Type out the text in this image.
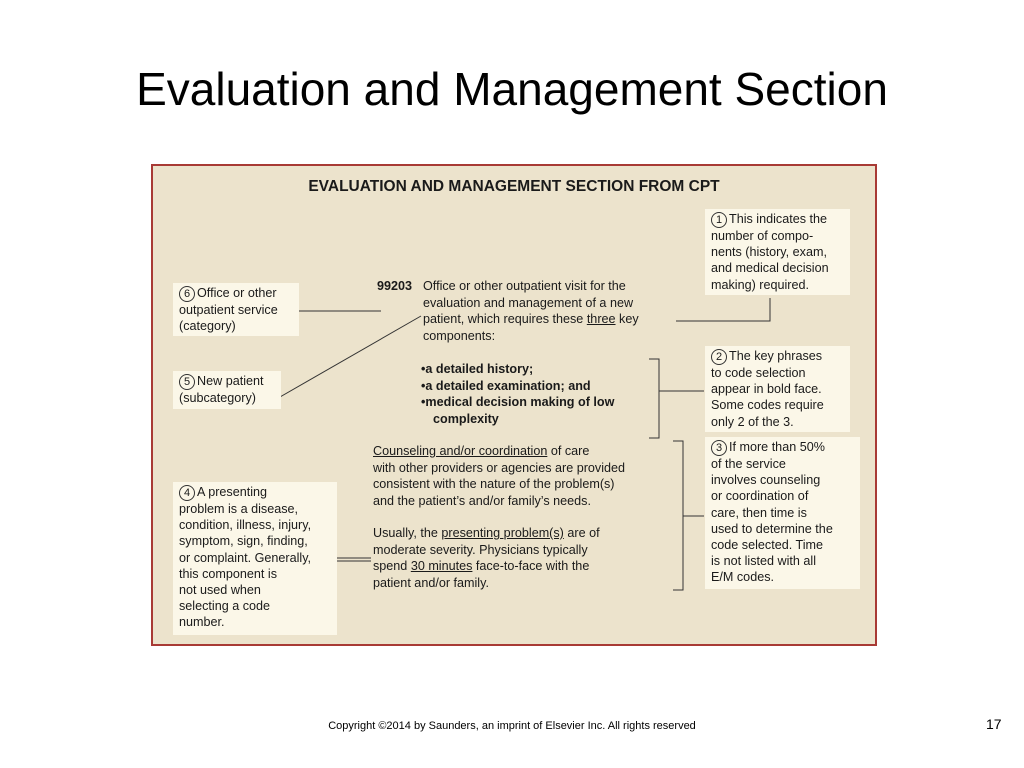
Evaluation and Management Section
EVALUATION AND MANAGEMENT SECTION FROM CPT
1 This indicates the
number of compo-
nents (history, exam,
and medical decision
making) required.
6 Office or other
outpatient service
(category)
5 New patient
(subcategory)
4 A presenting
problem is a disease,
condition, illness, injury,
symptom, sign, finding,
or complaint. Generally,
this component is
not used when
selecting a code
number.
2 The key phrases
to code selection
appear in bold face.
Some codes require
only 2 of the 3.
3 If more than 50%
of the service
involves counseling
or coordination of
care, then time is
used to determine the
code selected. Time
is not listed with all
E/M codes.
99203 Office or other outpatient visit for the
evaluation and management of a new
patient, which requires these three key
components:
• a detailed history;
• a detailed examination; and
• medical decision making of low
complexity
Counseling and/or coordination of care
with other providers or agencies are provided
consistent with the nature of the problem(s)
and the patient’s and/or family’s needs.
Usually, the presenting problem(s) are of
moderate severity. Physicians typically
spend 30 minutes face-to-face with the
patient and/or family.
Copyright ©2014 by Saunders, an imprint of Elsevier Inc. All rights reserved	17
